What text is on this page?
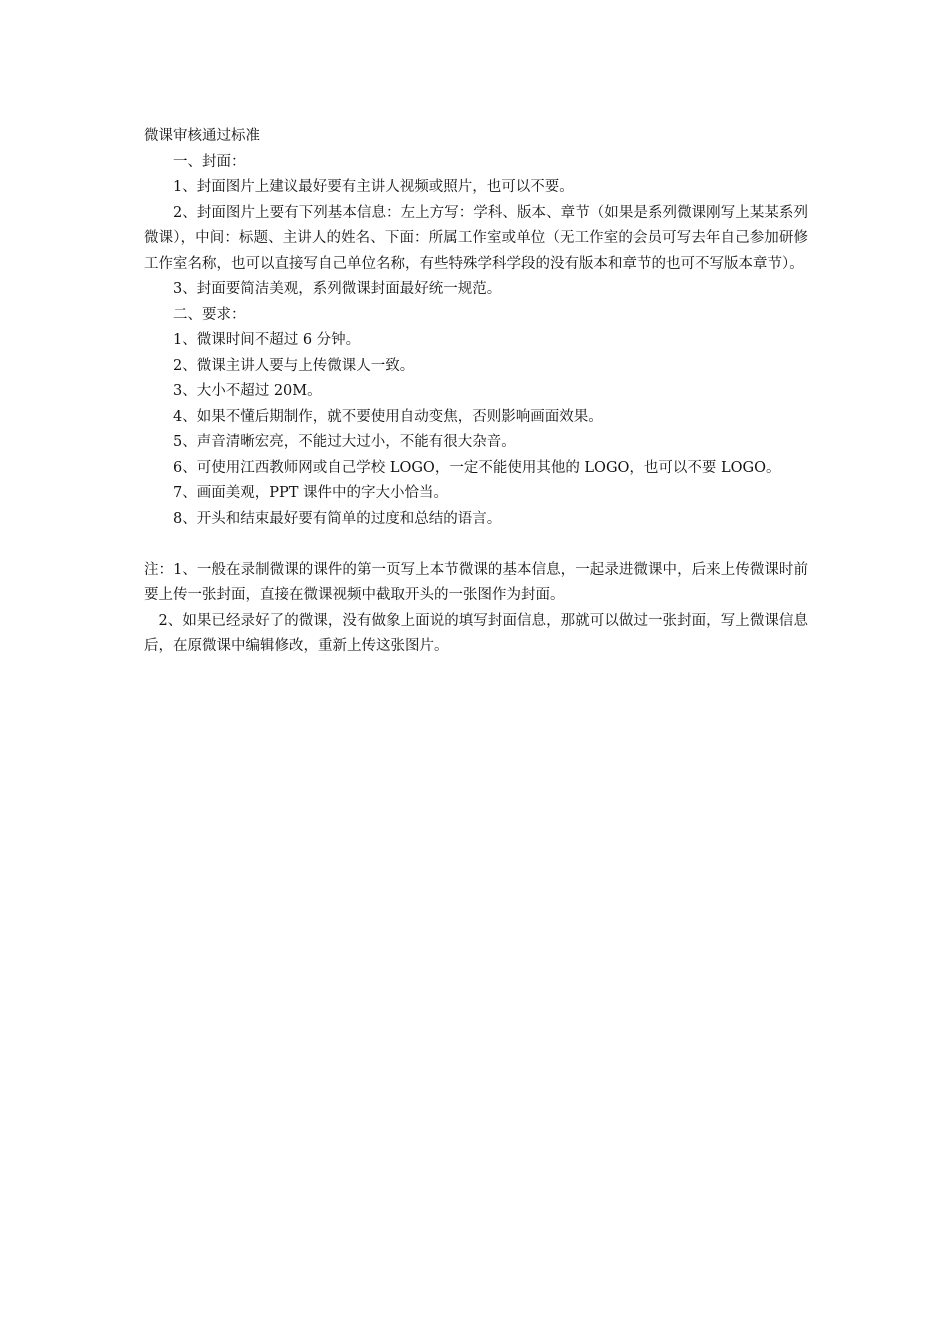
微课审核通过标准

一、封面：

1、封面图片上建议最好要有主讲人视频或照片，也可以不要。

2、封面图片上要有下列基本信息：左上方写：学科、版本、章节（如果是系列微课刚写上某某系列微课），中间：标题、主讲人的姓名、下面：所属工作室或单位（无工作室的会员可写去年自己参加研修工作室名称，也可以直接写自己单位名称，有些特殊学科学段的没有版本和章节的也可不写版本章节）。

3、封面要简洁美观，系列微课封面最好统一规范。

二、要求：

1、微课时间不超过 6 分钟。

2、微课主讲人要与上传微课人一致。

3、大小不超过 20M。

4、如果不懂后期制作，就不要使用自动变焦，否则影响画面效果。

5、声音清晰宏亮，不能过大过小，不能有很大杂音。

6、可使用江西教师网或自己学校 LOGO，一定不能使用其他的 LOGO，也可以不要 LOGO。

7、画面美观，PPT 课件中的字大小恰当。

8、开头和结束最好要有简单的过度和总结的语言。

注：1、一般在录制微课的课件的第一页写上本节微课的基本信息，一起录进微课中，后来上传微课时前要上传一张封面，直接在微课视频中截取开头的一张图作为封面。

2、如果已经录好了的微课，没有做象上面说的填写封面信息，那就可以做过一张封面，写上微课信息后，在原微课中编辑修改，重新上传这张图片。
